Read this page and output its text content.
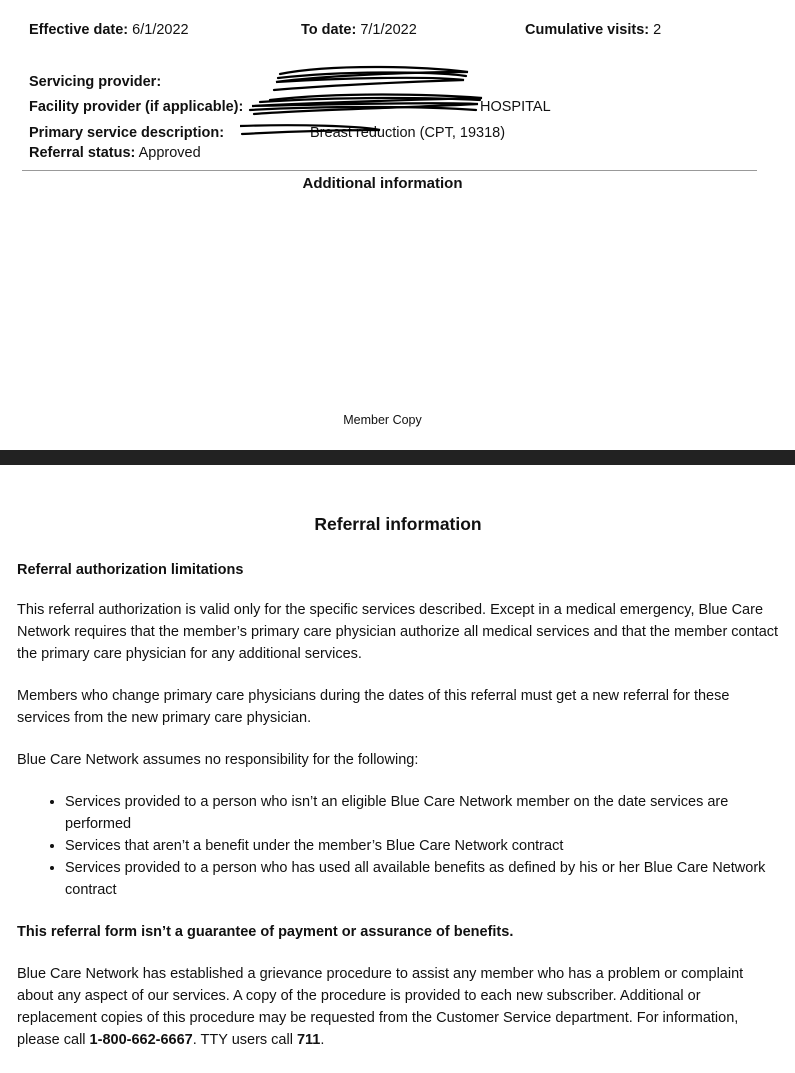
Effective date: 6/1/2022	To date: 7/1/2022	Cumulative visits: 2
Servicing provider:
Facility provider (if applicable):	HOSPITAL
Primary service description:	Breast reduction (CPT, 19318)
Referral status: Approved
Additional information
Member Copy
Referral information

Referral authorization limitations

This referral authorization is valid only for the specific services described. Except in a medical emergency, Blue Care Network requires that the member’s primary care physician authorize all medical services and that the member contact the primary care physician for any additional services.

Members who change primary care physicians during the dates of this referral must get a new referral for these services from the new primary care physician.

Blue Care Network assumes no responsibility for the following:

• Services provided to a person who isn’t an eligible Blue Care Network member on the date services are performed
• Services that aren’t a benefit under the member’s Blue Care Network contract
• Services provided to a person who has used all available benefits as defined by his or her Blue Care Network contract

This referral form isn’t a guarantee of payment or assurance of benefits.

Blue Care Network has established a grievance procedure to assist any member who has a problem or complaint about any aspect of our services. A copy of the procedure is provided to each new subscriber. Additional or replacement copies of this procedure may be requested from the Customer Service department. For information, please call 1-800-662-6667. TTY users call 711.
